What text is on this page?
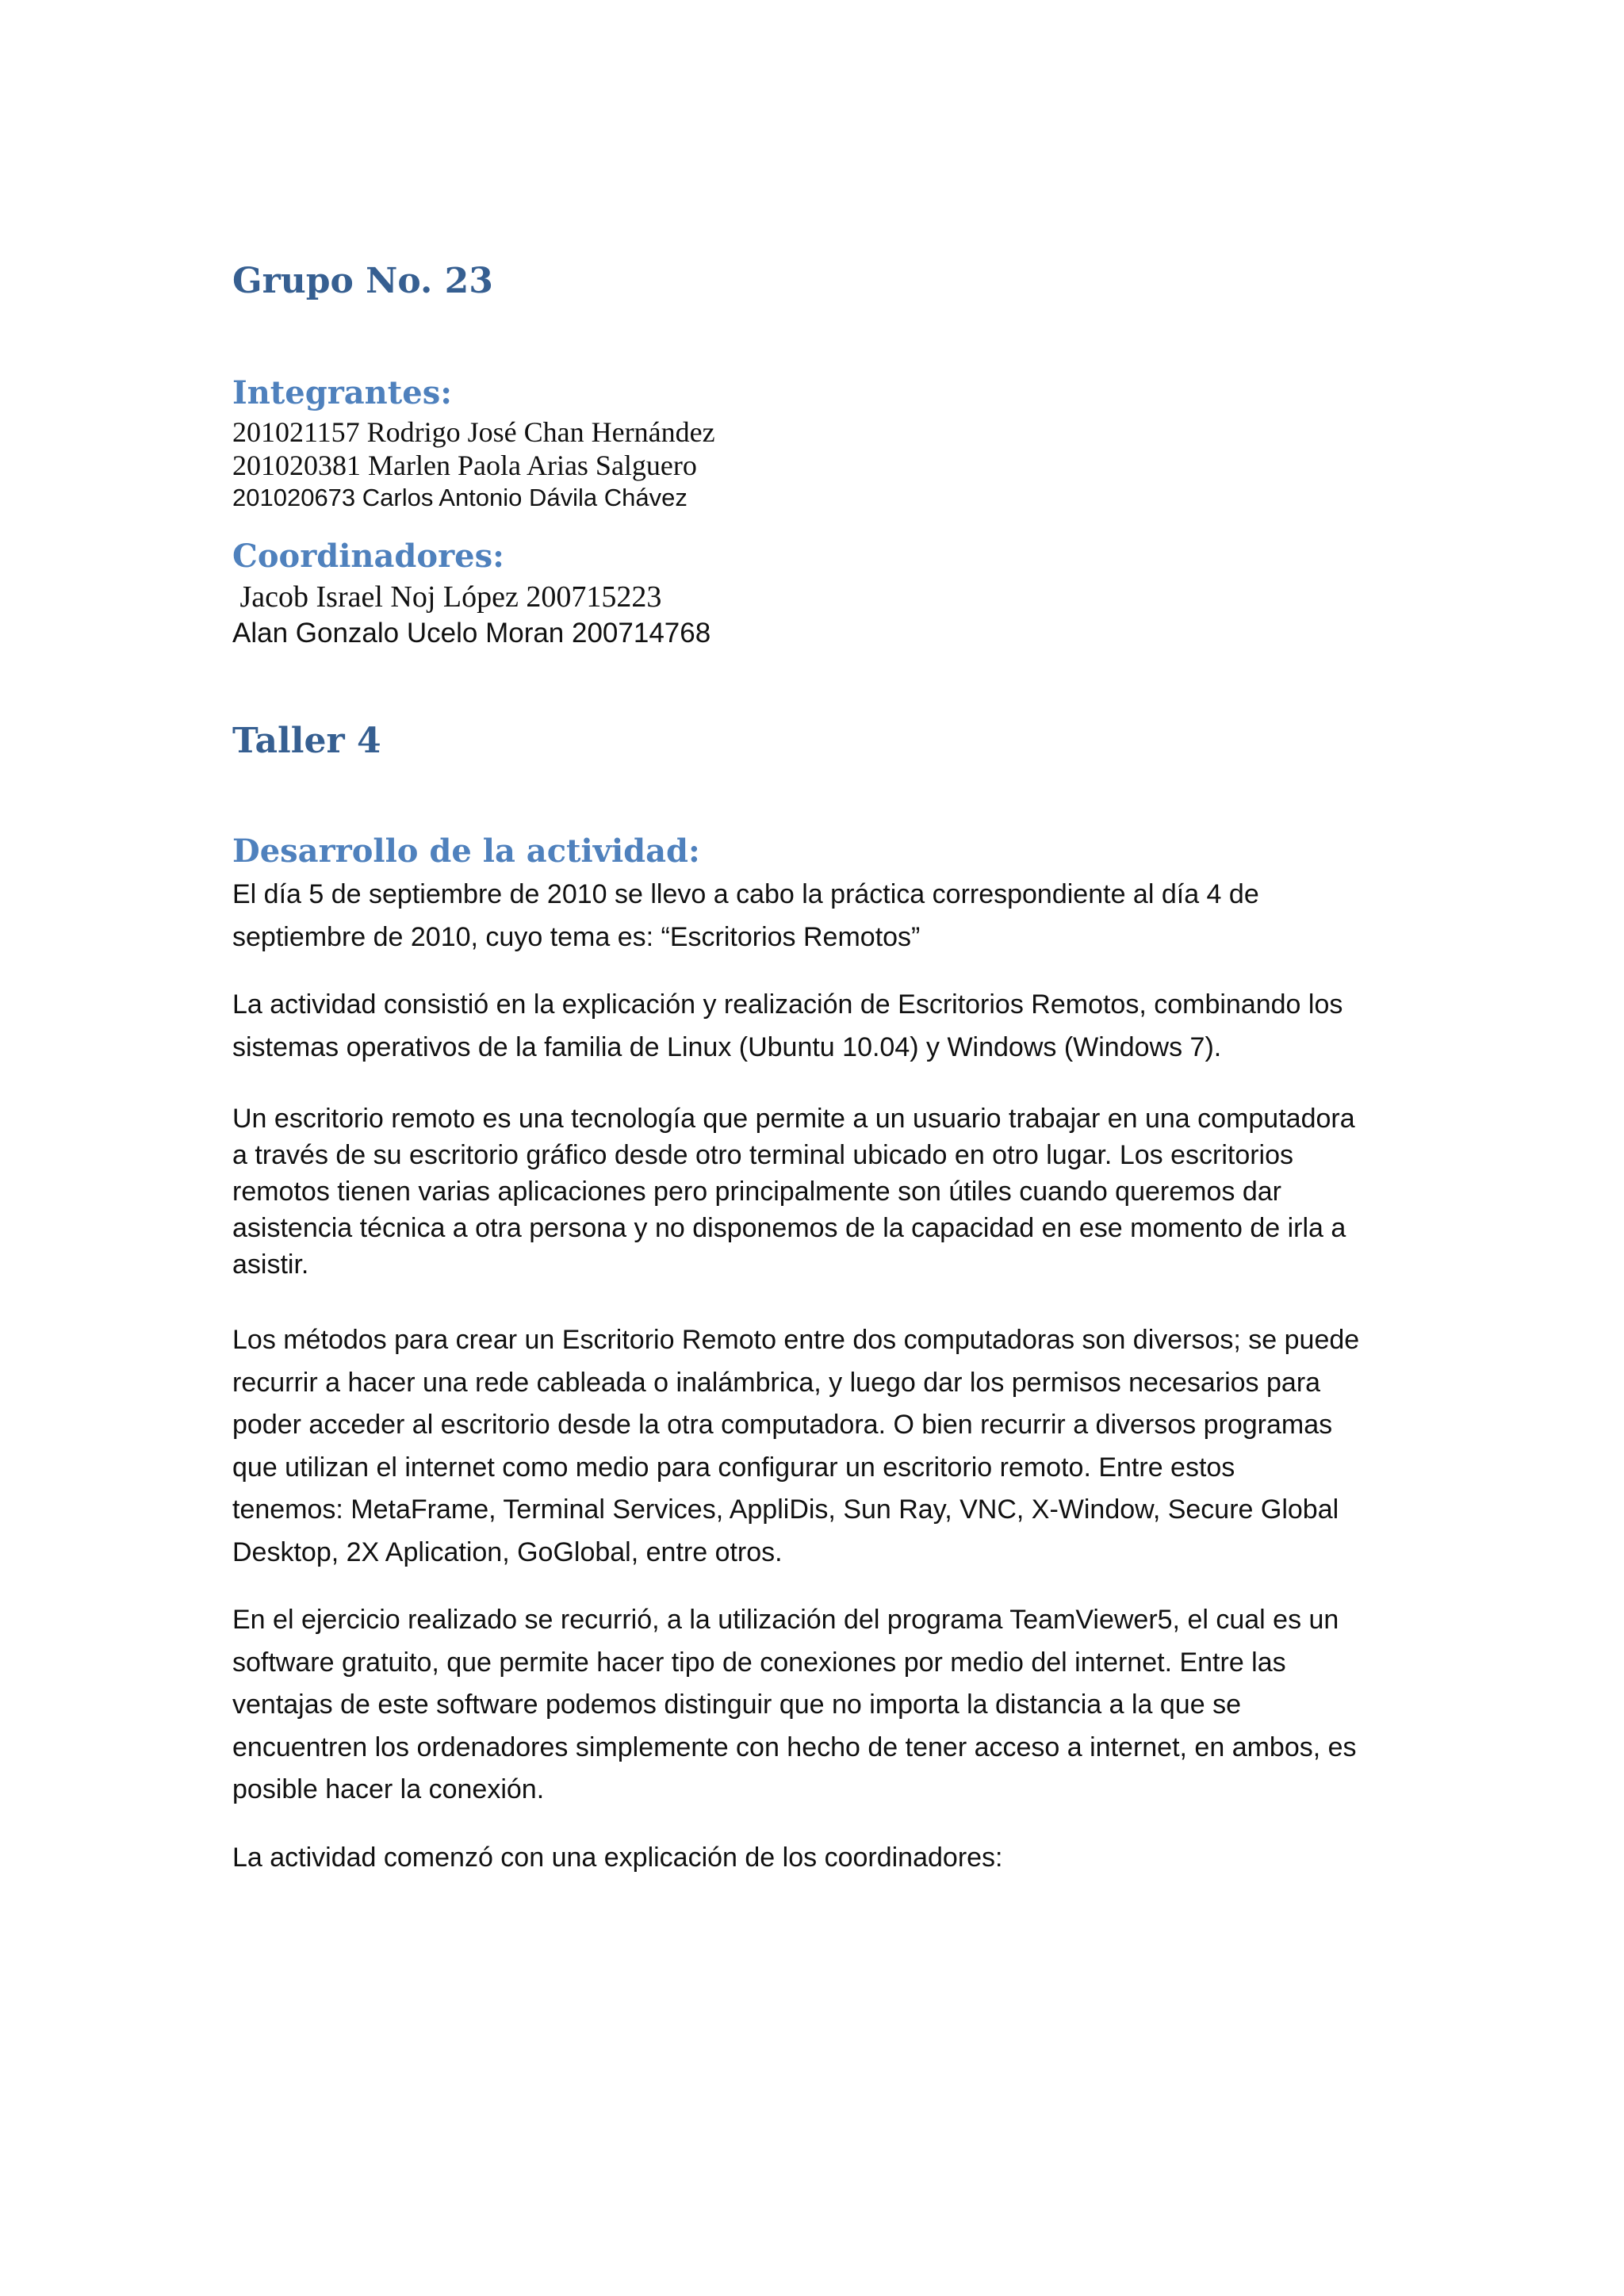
Grupo No. 23
Integrantes:

201021157 Rodrigo José Chan Hernández

201020381 Marlen Paola Arias Salguero

201020673 Carlos Antonio Dávila Chávez

Coordinadores:

Jacob Israel Noj López 200715223

Alan Gonzalo Ucelo Moran 200714768

Taller 4
Desarrollo de la actividad:
El día 5 de septiembre de 2010 se llevo a cabo la práctica correspondiente al día 4 de
septiembre de 2010, cuyo tema es: “Escritorios Remotos”
La actividad consistió en la explicación y realización de Escritorios Remotos, combinando los
sistemas operativos de la familia de Linux (Ubuntu 10.04) y Windows (Windows 7).
Un escritorio remoto es una tecnología que permite a un usuario trabajar en una computadora
a través de su escritorio gráfico desde otro terminal ubicado en otro lugar. Los escritorios
remotos tienen varias aplicaciones pero principalmente son útiles cuando queremos dar
asistencia técnica a otra persona y no disponemos de la capacidad en ese momento de irla a
asistir.
Los métodos para crear un Escritorio Remoto entre dos computadoras son diversos; se puede
recurrir a hacer una rede cableada o inalámbrica, y luego dar los permisos necesarios para
poder acceder al escritorio desde la otra computadora. O bien recurrir a diversos programas
que utilizan el internet como medio para configurar un escritorio remoto. Entre estos
tenemos: MetaFrame, Terminal Services, AppliDis, Sun Ray, VNC, X-Window, Secure Global
Desktop, 2X Aplication, GoGlobal, entre otros.
En el ejercicio realizado se recurrió, a la utilización del programa TeamViewer5, el cual es un
software gratuito, que permite hacer tipo de conexiones por medio del internet. Entre las
ventajas de este software podemos distinguir que no importa la distancia a la que se
encuentren los ordenadores simplemente con hecho de tener acceso a internet, en ambos, es
posible hacer la conexión.
La actividad comenzó con una explicación de los coordinadores:
